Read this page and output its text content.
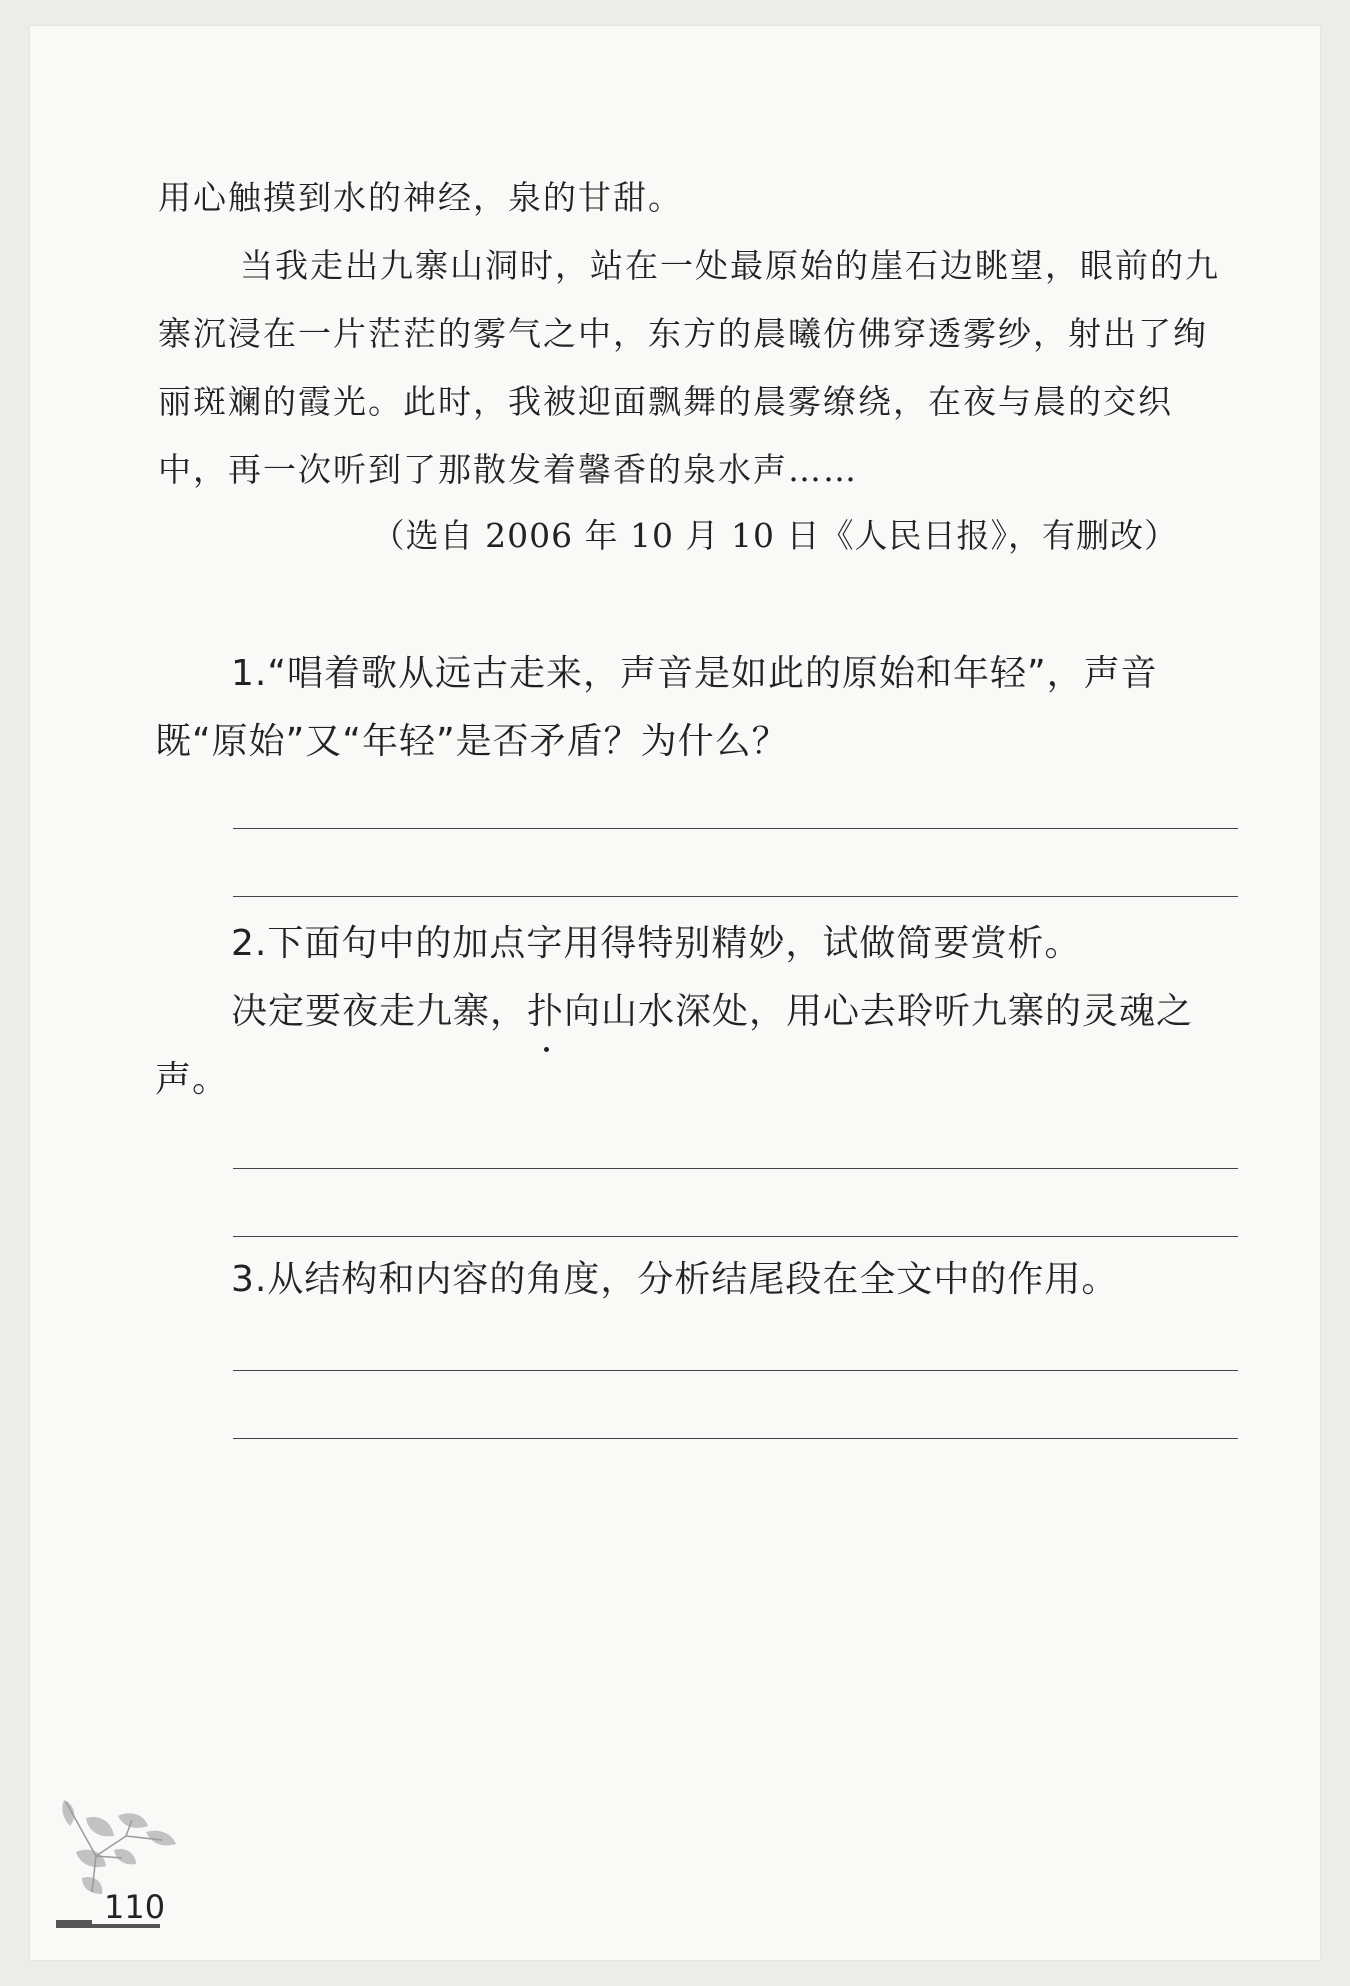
用心触摸到水的神经，泉的甘甜。

当我走出九寨山洞时，站在一处最原始的崖石边眺望，眼前的九寨沉浸在一片茫茫的雾气之中，东方的晨曦仿佛穿透雾纱，射出了绚丽斑斓的霞光。此时，我被迎面飘舞的晨雾缭绕，在夜与晨的交织中，再一次听到了那散发着馨香的泉水声……

（选自 2006 年 10 月 10 日《人民日报》，有删改）

1.“唱着歌从远古走来，声音是如此的原始和年轻”，声音既“原始”又“年轻”是否矛盾？为什么？

2.下面句中的加点字用得特别精妙，试做简要赏析。

决定要夜走九寨，扑
向山水深处，用心去聆听九寨的灵魂之声。

3.从结构和内容的角度，分析结尾段在全文中的作用。

110
